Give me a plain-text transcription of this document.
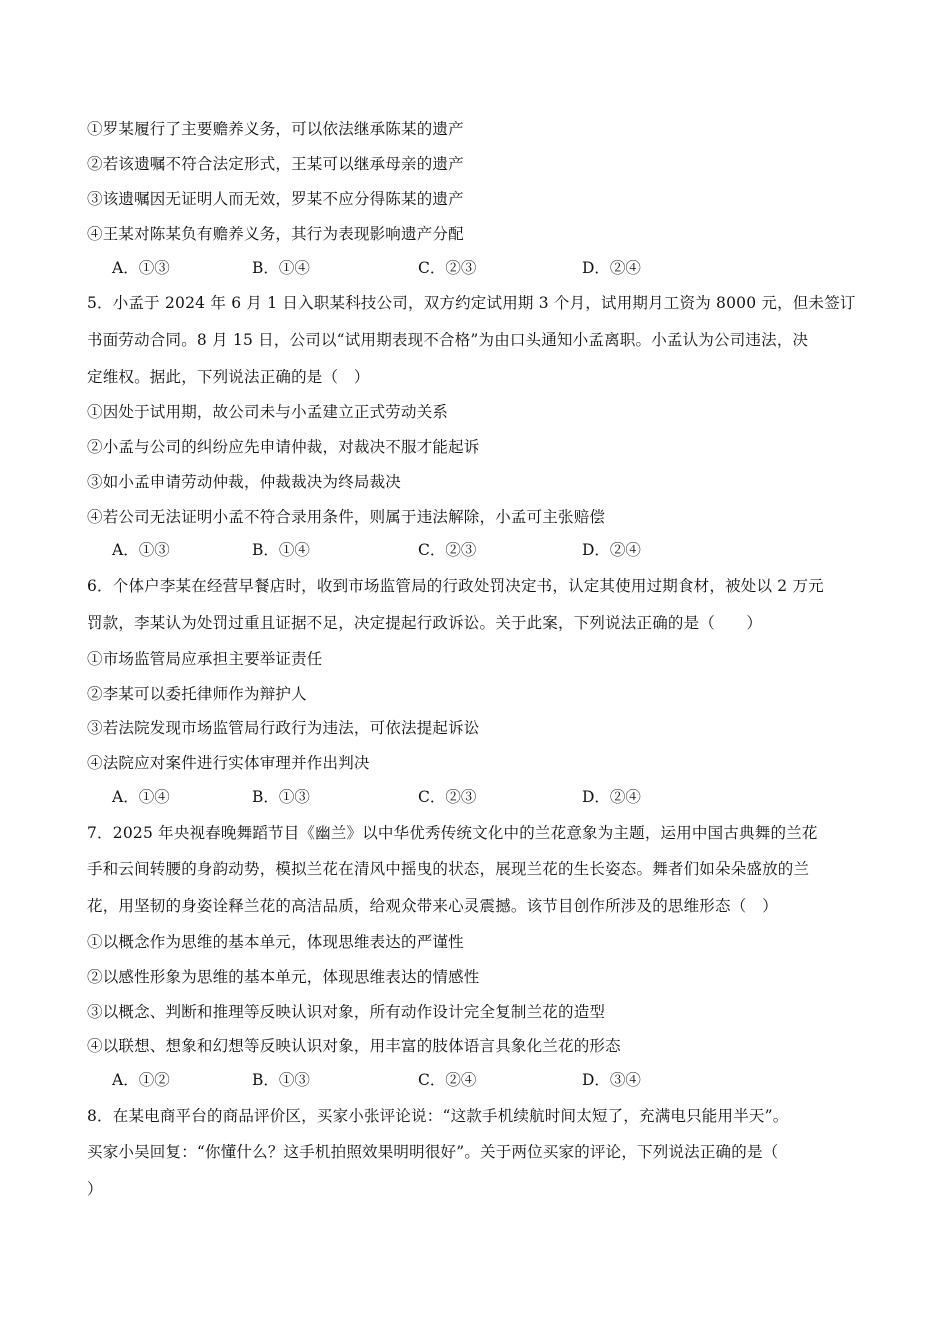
①罗某履行了主要赡养义务，可以依法继承陈某的遗产
②若该遗嘱不符合法定形式，王某可以继承母亲的遗产
③该遗嘱因无证明人而无效，罗某不应分得陈某的遗产
④王某对陈某负有赡养义务，其行为表现影响遗产分配
A．①③	B．①④	C．②③	D．②④
5．小孟于 2024 年 6 月 1 日入职某科技公司，双方约定试用期 3 个月，试用期月工资为 8000 元，但未签订
书面劳动合同。8 月 15 日，公司以“试用期表现不合格”为由口头通知小孟离职。小孟认为公司违法，决
定维权。据此，下列说法正确的是（　）
①因处于试用期，故公司未与小孟建立正式劳动关系
②小孟与公司的纠纷应先申请仲裁，对裁决不服才能起诉
③如小孟申请劳动仲裁，仲裁裁决为终局裁决
④若公司无法证明小孟不符合录用条件，则属于违法解除，小孟可主张赔偿
A．①③	B．①④	C．②③	D．②④
6．个体户李某在经营早餐店时，收到市场监管局的行政处罚决定书，认定其使用过期食材，被处以 2 万元
罚款，李某认为处罚过重且证据不足，决定提起行政诉讼。关于此案，下列说法正确的是（　　）
①市场监管局应承担主要举证责任
②李某可以委托律师作为辩护人
③若法院发现市场监管局行政行为违法，可依法提起诉讼
④法院应对案件进行实体审理并作出判决
A．①④	B．①③	C．②③	D．②④
7．2025 年央视春晚舞蹈节目《幽兰》以中华优秀传统文化中的兰花意象为主题，运用中国古典舞的兰花
手和云间转腰的身韵动势，模拟兰花在清风中摇曳的状态，展现兰花的生长姿态。舞者们如朵朵盛放的兰
花，用坚韧的身姿诠释兰花的高洁品质，给观众带来心灵震撼。该节目创作所涉及的思维形态（　）
①以概念作为思维的基本单元，体现思维表达的严谨性
②以感性形象为思维的基本单元，体现思维表达的情感性
③以概念、判断和推理等反映认识对象，所有动作设计完全复制兰花的造型
④以联想、想象和幻想等反映认识对象，用丰富的肢体语言具象化兰花的形态
A．①②	B．①③	C．②④	D．③④
8．在某电商平台的商品评价区，买家小张评论说：“这款手机续航时间太短了，充满电只能用半天”。
买家小吴回复：“你懂什么？这手机拍照效果明明很好”。关于两位买家的评论，下列说法正确的是（
）
